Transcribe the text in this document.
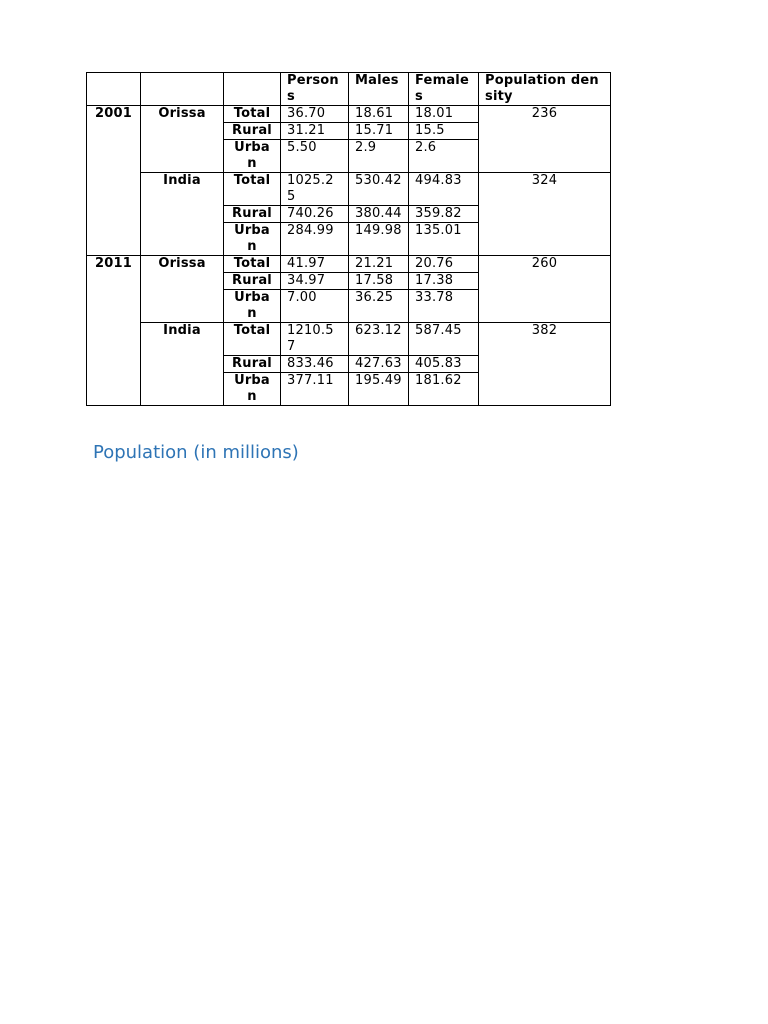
			Persons	Males	Females	Population density
2001	Orissa	Total	36.70	18.61	18.01	236
		Rural	31.21	15.71	15.5	
		Urban	5.50	2.9	2.6	
	India	Total	1025.25	530.42	494.83	324
		Rural	740.26	380.44	359.82	
		Urban	284.99	149.98	135.01	
2011	Orissa	Total	41.97	21.21	20.76	260
		Rural	34.97	17.58	17.38	
		Urban	7.00	36.25	33.78	
	India	Total	1210.57	623.12	587.45	382
		Rural	833.46	427.63	405.83	
		Urban	377.11	195.49	181.62	
Population (in millions)
